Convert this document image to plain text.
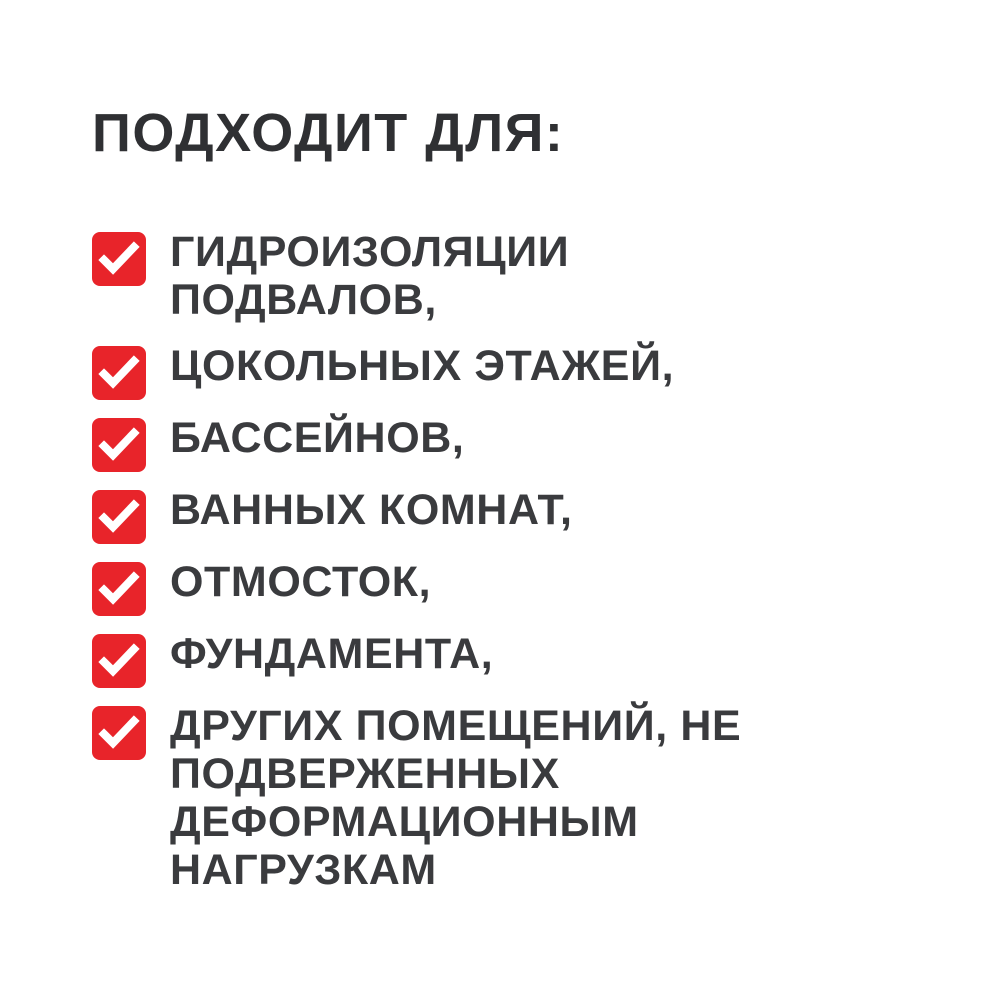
ПОДХОДИТ ДЛЯ:
ГИДРОИЗОЛЯЦИИ ПОДВАЛОВ,
ЦОКОЛЬНЫХ ЭТАЖЕЙ,
БАССЕЙНОВ,
ВАННЫХ КОМНАТ,
ОТМОСТОК,
ФУНДАМЕНТА,
ДРУГИХ ПОМЕЩЕНИЙ, НЕ ПОДВЕРЖЕННЫХ ДЕФОРМАЦИОННЫМ НАГРУЗКАМ
